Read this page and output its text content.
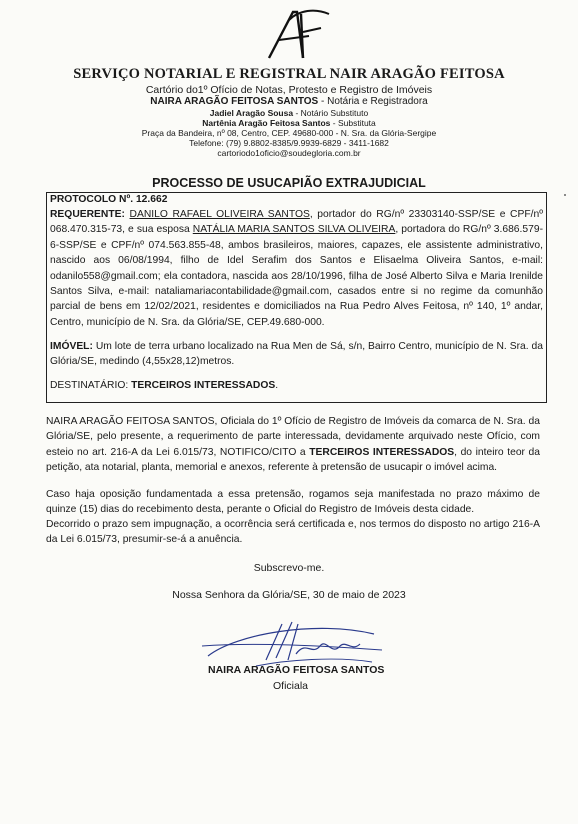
SERVIÇO NOTARIAL E REGISTRAL NAIR ARAGÃO FEITOSA
Cartório do1º Ofício de Notas, Protesto e Registro de Imóveis
NAIRA ARAGÃO FEITOSA SANTOS - Notária e Registradora
Jadiel Aragão Sousa - Notário Substituto
Nartênia Aragão Feitosa Santos - Substituta
Praça da Bandeira, nº 08, Centro, CEP. 49680-000 - N. Sra. da Glória-Sergipe
Telefone: (79) 9.8802-8385/9.9939-6829 - 3411-1682
cartoriodo1oficio@soudegloria.com.br
PROCESSO DE USUCAPIÃO EXTRAJUDICIAL
PROTOCOLO Nº. 12.662
REQUERENTE: DANILO RAFAEL OLIVEIRA SANTOS, portador do RG/nº 23303140-SSP/SE e CPF/nº 068.470.315-73, e sua esposa NATÁLIA MARIA SANTOS SILVA OLIVEIRA, portadora do RG/nº 3.686.579-6-SSP/SE e CPF/nº 074.563.855-48, ambos brasileiros, maiores, capazes, ele assistente administrativo, nascido aos 06/08/1994, filho de Idel Serafim dos Santos e Elisaelma Oliveira Santos, e-mail: odanilo558@gmail.com; ela contadora, nascida aos 28/10/1996, filha de José Alberto Silva e Maria Irenilde Santos Silva, e-mail: nataliamariacontabilidade@gmail.com, casados entre si no regime da comunhão parcial de bens em 12/02/2021, residentes e domiciliados na Rua Pedro Alves Feitosa, nº 140, 1º andar, Centro, município de N. Sra. da Glória/SE, CEP.49.680-000.
IMÓVEL: Um lote de terra urbano localizado na Rua Men de Sá, s/n, Bairro Centro, município de N. Sra. da Glória/SE, medindo (4,55x28,12)metros.
DESTINATÁRIO: TERCEIROS INTERESSADOS.
NAIRA ARAGÃO FEITOSA SANTOS, Oficiala do 1º Ofício de Registro de Imóveis da comarca de N. Sra. da Glória/SE, pelo presente, a requerimento de parte interessada, devidamente arquivado neste Ofício, com esteio no art. 216-A da Lei 6.015/73, NOTIFICO/CITO a TERCEIROS INTERESSADOS, do inteiro teor da petição, ata notarial, planta, memorial e anexos, referente à pretensão de usucapir o imóvel acima.
Caso haja oposição fundamentada a essa pretensão, rogamos seja manifestada no prazo máximo de quinze (15) dias do recebimento desta, perante o Oficial do Registro de Imóveis desta cidade.
Decorrido o prazo sem impugnação, a ocorrência será certificada e, nos termos do disposto no artigo 216-A da Lei 6.015/73, presumir-se-á a anuência.
Subscrevo-me.
Nossa Senhora da Glória/SE, 30 de maio de 2023
NAIRA ARAGÃO FEITOSA SANTOS
Oficiala
